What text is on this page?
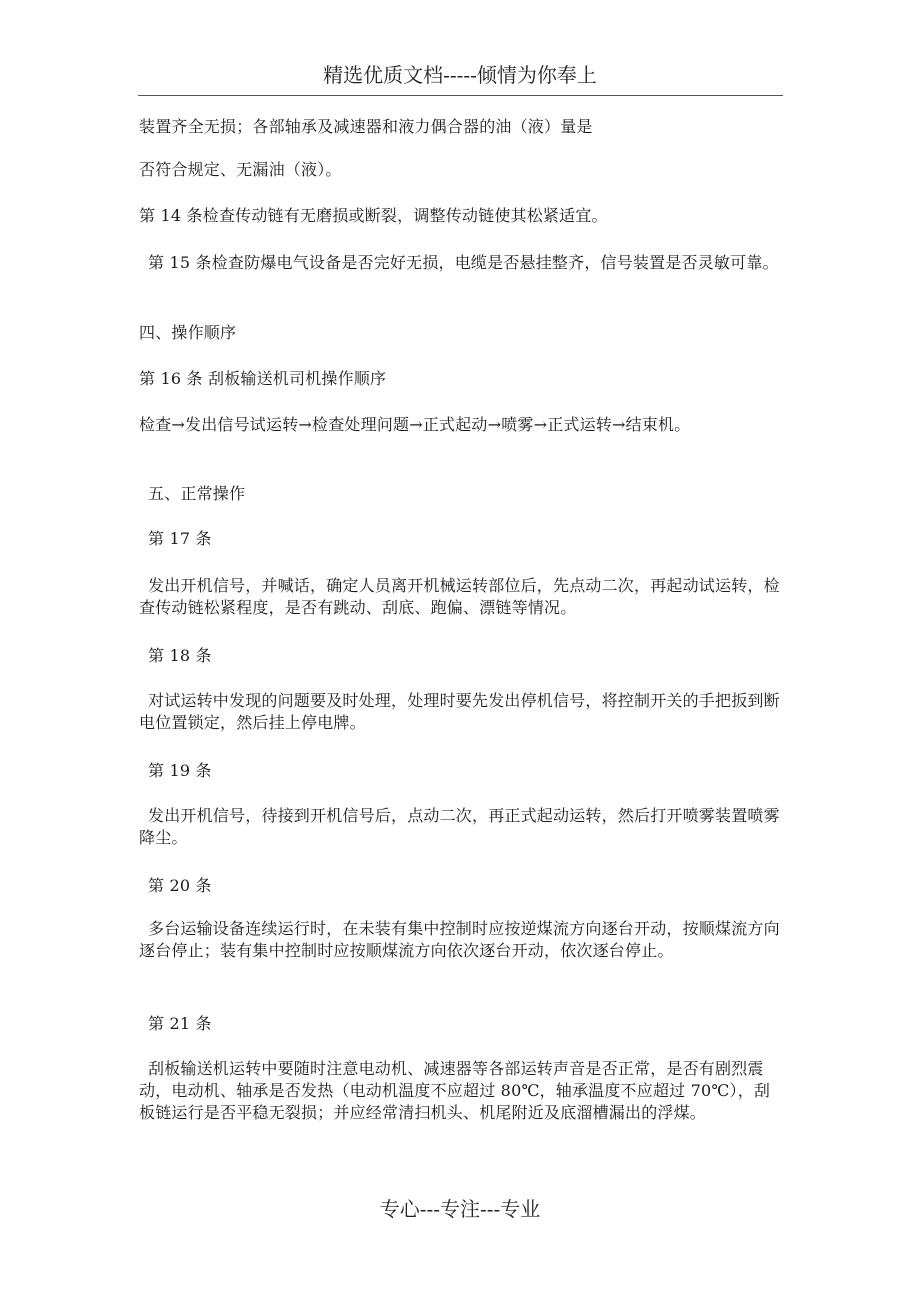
精选优质文档-----倾情为你奉上
装置齐全无损；各部轴承及减速器和液力偶合器的油（液）量是
否符合规定、无漏油（液）。
第 14 条检查传动链有无磨损或断裂，调整传动链使其松紧适宜。
第 15 条检查防爆电气设备是否完好无损，电缆是否悬挂整齐，信号装置是否灵敏可靠。
四、操作顺序
第 16 条 刮板输送机司机操作顺序
检查→发出信号试运转→检查处理问题→正式起动→喷雾→正式运转→结束机。
五、正常操作
第 17 条
发出开机信号，并喊话，确定人员离开机械运转部位后，先点动二次，再起动试运转，检查传动链松紧程度，是否有跳动、刮底、跑偏、漂链等情况。
第 18 条
对试运转中发现的问题要及时处理，处理时要先发出停机信号，将控制开关的手把扳到断电位置锁定，然后挂上停电牌。
第 19 条
发出开机信号，待接到开机信号后，点动二次，再正式起动运转，然后打开喷雾装置喷雾降尘。
第 20 条
多台运输设备连续运行时，在未装有集中控制时应按逆煤流方向逐台开动，按顺煤流方向逐台停止；装有集中控制时应按顺煤流方向依次逐台开动，依次逐台停止。
第 21 条
刮板输送机运转中要随时注意电动机、减速器等各部运转声音是否正常，是否有剧烈震动，电动机、轴承是否发热（电动机温度不应超过 80℃，轴承温度不应超过 70℃），刮板链运行是否平稳无裂损；并应经常清扫机头、机尾附近及底溜槽漏出的浮煤。
专心---专注---专业
